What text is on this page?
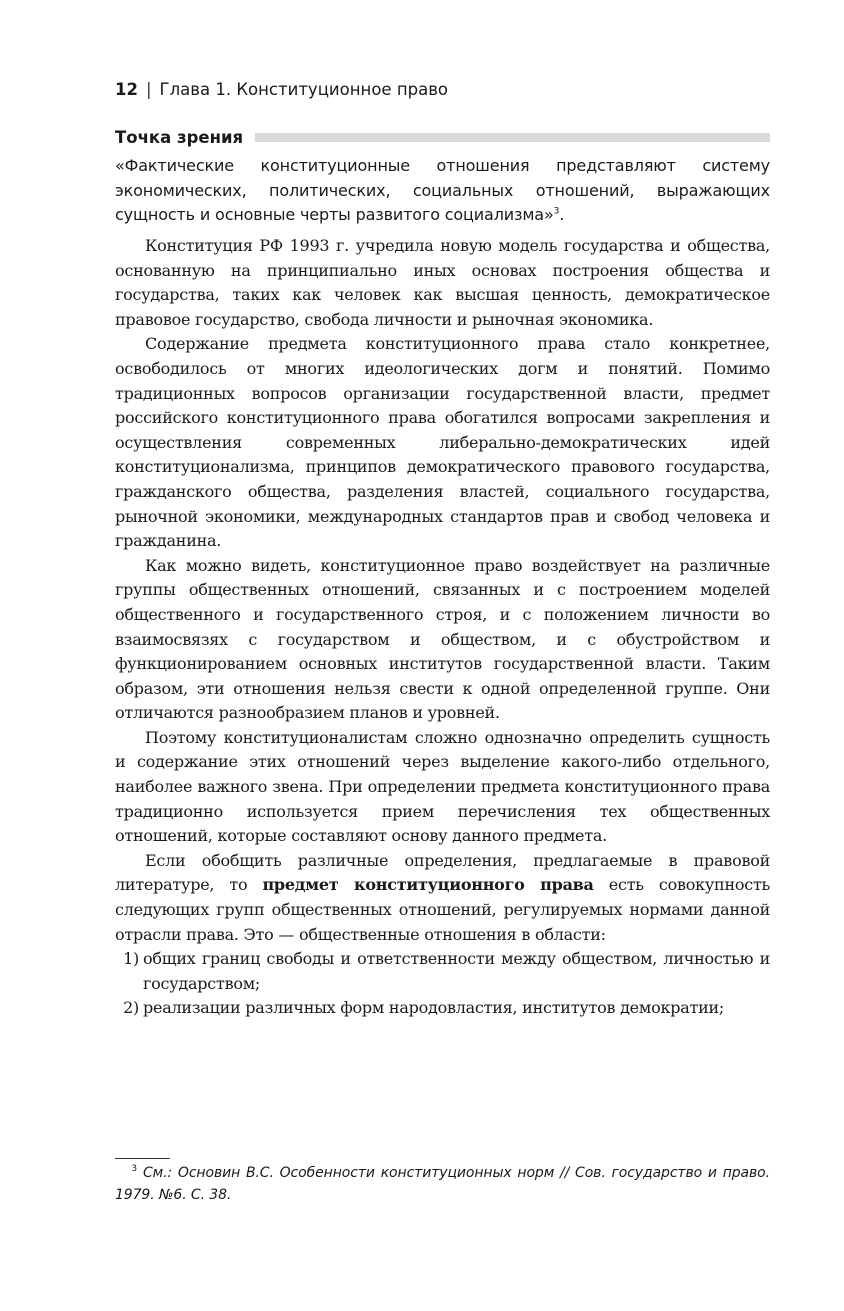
12 | Глава 1. Конституционное право
Точка зрения

«Фактические конституционные отношения представляют систему экономических, политических, социальных отношений, выражающих сущность и основные черты развитого социализма»$^3$.

Конституция РФ 1993 г. учредила новую модель государства и общества, основанную на принципиально иных основах построения общества и государства, таких как человек как высшая ценность, демократическое правовое государство, свобода личности и рыночная экономика.

Содержание предмета конституционного права стало конкретнее, освободилось от многих идеологических догм и понятий. Помимо традиционных вопросов организации государственной власти, предмет российского конституционного права обогатился вопросами закрепления и осуществления современных либерально-демократических идей конституционализма, принципов демократического правового государства, гражданского общества, разделения властей, социального государства, рыночной экономики, международных стандартов прав и свобод человека и гражданина.

Как можно видеть, конституционное право воздействует на различные группы общественных отношений, связанных и с построением моделей общественного и государственного строя, и с положением личности во взаимосвязях с государством и обществом, и с обустройством и функционированием основных институтов государственной власти. Таким образом, эти отношения нельзя свести к одной определенной группе. Они отличаются разнообразием планов и уровней.

Поэтому конституционалистам сложно однозначно определить сущность и содержание этих отношений через выделение какого-либо отдельного, наиболее важного звена. При определении предмета конституционного права традиционно используется прием перечисления тех общественных отношений, которые составляют основу данного предмета.

Если обобщить различные определения, предлагаемые в правовой литературе, то предмет конституционного права есть совокупность следующих групп общественных отношений, регулируемых нормами данной отрасли права. Это — общественные отношения в области:

1) общих границ свободы и ответственности между обществом, личностью и государством;
2) реализации различных форм народовластия, институтов демократии;
3 См.: Основин В.С. Особенности конституционных норм // Сов. государство и право. 1979. №6. С. 38.
